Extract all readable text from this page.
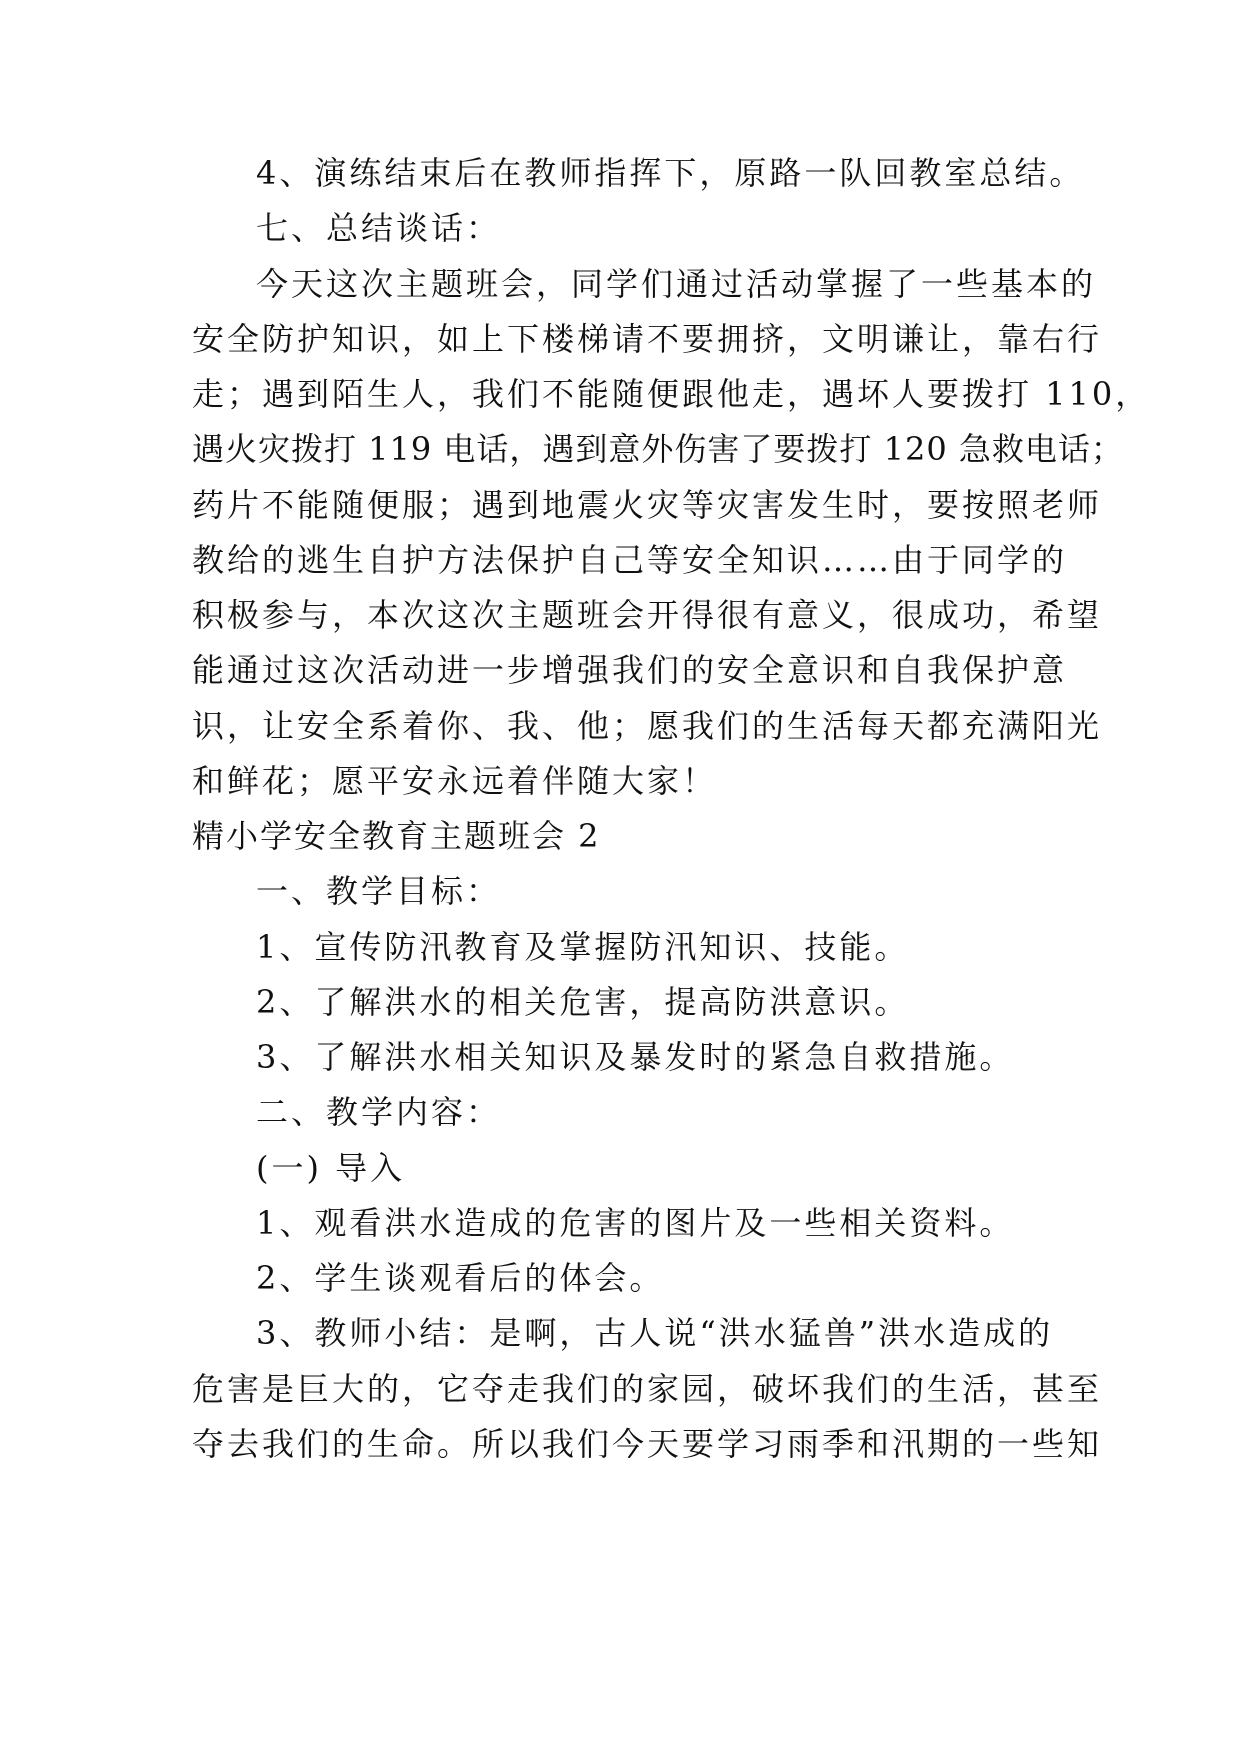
4、演练结束后在教师指挥下，原路一队回教室总结。
七、总结谈话：
今天这次主题班会，同学们通过活动掌握了一些基本的
安全防护知识，如上下楼梯请不要拥挤，文明谦让，靠右行
走；遇到陌生人，我们不能随便跟他走，遇坏人要拨打 110，
遇火灾拨打 119 电话，遇到意外伤害了要拨打 120 急救电话；
药片不能随便服；遇到地震火灾等灾害发生时，要按照老师
教给的逃生自护方法保护自己等安全知识……由于同学的
积极参与，本次这次主题班会开得很有意义，很成功，希望
能通过这次活动进一步增强我们的安全意识和自我保护意
识，让安全系着你、我、他；愿我们的生活每天都充满阳光
和鲜花；愿平安永远着伴随大家！
精小学安全教育主题班会 2
一、教学目标：
1、宣传防汛教育及掌握防汛知识、技能。
2、了解洪水的相关危害，提高防洪意识。
3、了解洪水相关知识及暴发时的紧急自救措施。
二、教学内容：
(一) 导入
1、观看洪水造成的危害的图片及一些相关资料。
2、学生谈观看后的体会。
3、教师小结：是啊，古人说“洪水猛兽”洪水造成的
危害是巨大的，它夺走我们的家园，破坏我们的生活，甚至
夺去我们的生命。所以我们今天要学习雨季和汛期的一些知
